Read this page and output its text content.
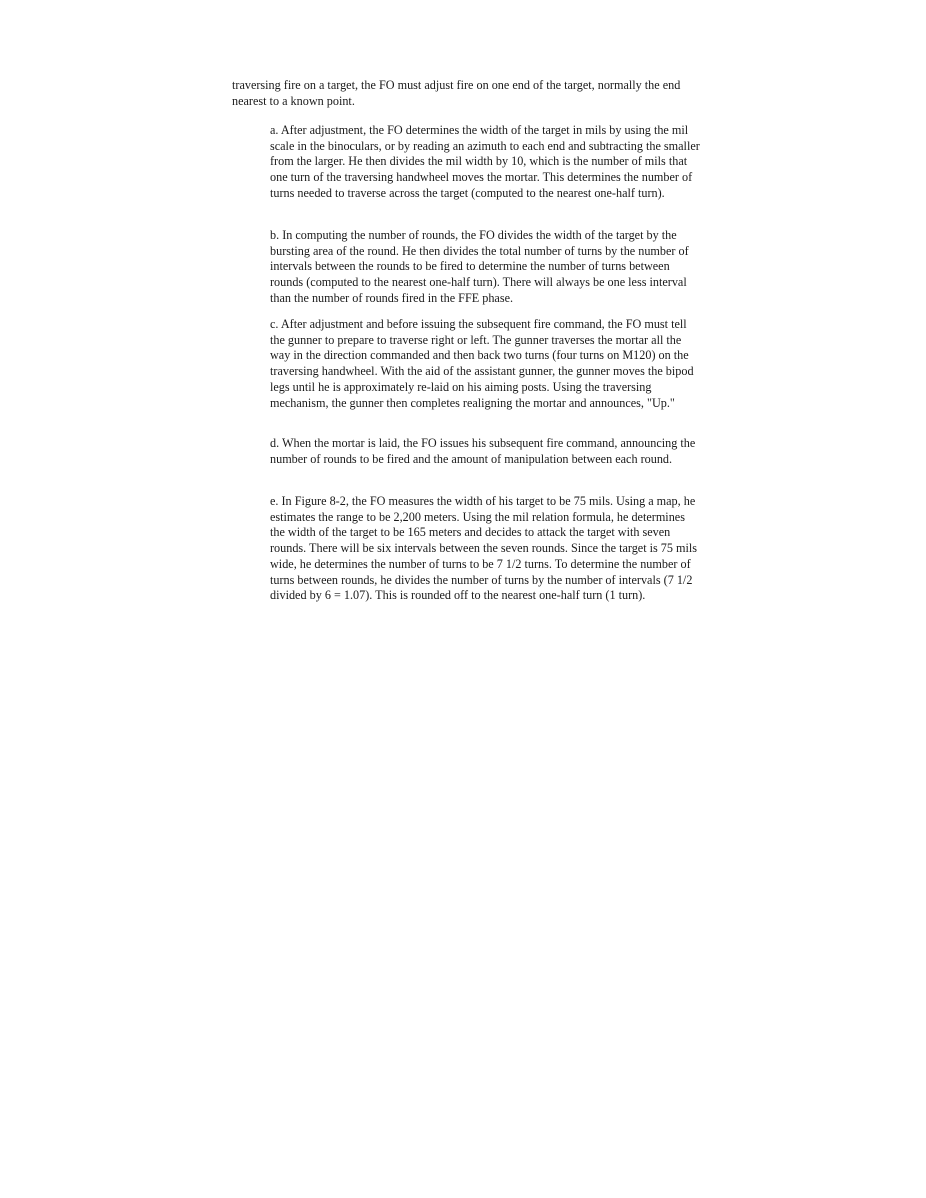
traversing fire on a target, the FO must adjust fire on one end of the target, normally the end nearest to a known point.

a. After adjustment, the FO determines the width of the target in mils by using the mil scale in the binoculars, or by reading an azimuth to each end and subtracting the smaller from the larger. He then divides the mil width by 10, which is the number of mils that one turn of the traversing handwheel moves the mortar. This determines the number of turns needed to traverse across the target (computed to the nearest one-half turn).

b. In computing the number of rounds, the FO divides the width of the target by the bursting area of the round. He then divides the total number of turns by the number of intervals between the rounds to be fired to determine the number of turns between rounds (computed to the nearest one-half turn). There will always be one less interval than the number of rounds fired in the FFE phase.

c. After adjustment and before issuing the subsequent fire command, the FO must tell the gunner to prepare to traverse right or left. The gunner traverses the mortar all the way in the direction commanded and then back two turns (four turns on M120) on the traversing handwheel. With the aid of the assistant gunner, the gunner moves the bipod legs until he is approximately re-laid on his aiming posts. Using the traversing mechanism, the gunner then completes realigning the mortar and announces, "Up."

d. When the mortar is laid, the FO issues his subsequent fire command, announcing the number of rounds to be fired and the amount of manipulation between each round.

e. In Figure 8-2, the FO measures the width of his target to be 75 mils. Using a map, he estimates the range to be 2,200 meters. Using the mil relation formula, he determines the width of the target to be 165 meters and decides to attack the target with seven rounds. There will be six intervals between the seven rounds. Since the target is 75 mils wide, he determines the number of turns to be 7 1/2 turns. To determine the number of turns between rounds, he divides the number of turns by the number of intervals (7 1/2 divided by 6 = 1.07). This is rounded off to the nearest one-half turn (1 turn).
